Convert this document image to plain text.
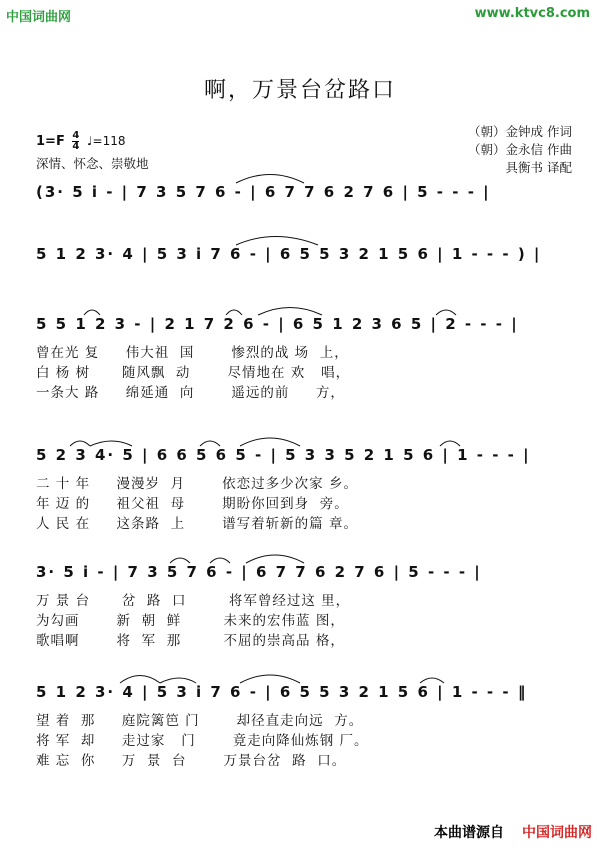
中国词曲网	www.ktvc8.com
啊，万景台岔路口
（朝）金钟成 作词
（朝）金永信 作曲
具衡书 译配
$1=F \frac{4}{4}$ ♩=118
深情、怀念、崇敬地
(3· 5 i - | 7 3 5 7 6 - | 6 7 7 6 2 7 6 | 5 - - - |
5 1 2 3· 4 | 5 3 i 7 6 - | 6 5 5 3 2 1 5 6 | 1 - - - ) |
5 5 1 2 3 - | 2 1 7 2 6 - | 6 5 1 2 3 6 5 | 2 - - - |
曾在光 复     伟大祖  国       惨烈的战 场  上，
白 杨 树      随风飘  动       尽情地在 欢   唱，
一条大 路     绵延通  向       遥远的前     方，
5 2 3 4· 5 | 6 6 5 6 5 - | 5 3 3 5 2 1 5 6 | 1 - - - |
二 十 年     漫漫岁  月       依恋过多少次家 乡。
年 迈 的     祖父祖  母       期盼你回到身  旁。
人 民 在     这条路  上       谱写着斩新的篇 章。
3· 5 i - | 7 3 5 7 6 - | 6 7 7 6 2 7 6 | 5 - - - |
万 景 台      岔  路  口        将军曾经过这 里，
为勾画       新  朝  鲜        未来的宏伟蓝 图，
歌唱啊       将  军  那        不屈的崇高品 格，
5 1 2 3· 4 | 5 3 i 7 6 - | 6 5 5 3 2 1 5 6 | 1 - - - ‖
望 着  那     庭院篱笆 门       却径直走向远  方。
将 军  却     走过家   门       竟走向降仙炼钢 厂。
难 忘  你     万  景  台       万景台岔  路  口。
本曲谱源自 中国词曲网
